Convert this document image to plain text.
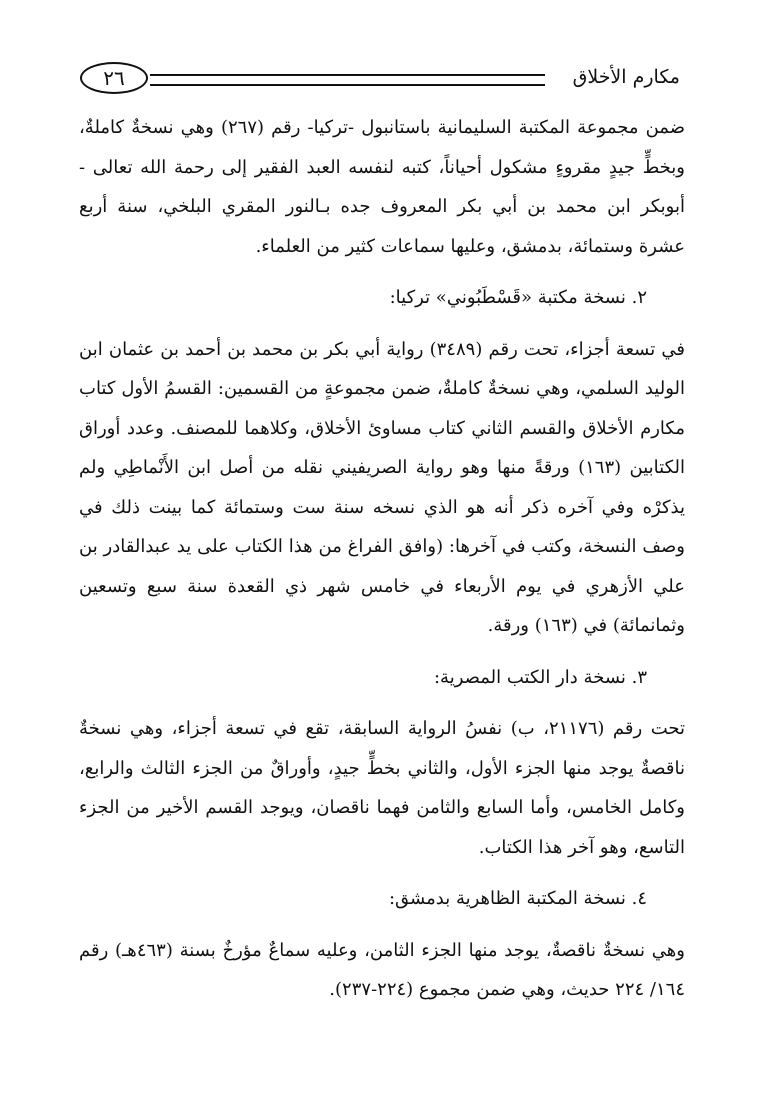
٢٦	مكارم الأخلاق

ضمن مجموعة المكتبة السليمانية باستانبول -تركيا- رقم (٢٦٧) وهي نسخةٌ كاملةٌ، وبخطٍّ جيدٍ مقروءٍ مشكول أحياناً، كتبه لنفسه العبد الفقير إلى رحمة الله تعالى - أبوبكر ابن محمد بن أبي بكر المعروف جده بـالنور المقري البلخي، سنة أربع عشرة وستمائة، بدمشق، وعليها سماعات كثير من العلماء.

٢. نسخة مكتبة «قَسْطَبُوني» تركيا:

في تسعة أجزاء، تحت رقم (٣٤٨٩) رواية أبي بكر بن محمد بن أحمد بن عثمان ابن الوليد السلمي، وهي نسخةٌ كاملةٌ، ضمن مجموعةٍ من القسمين: القسمُ الأول كتاب مكارم الأخلاق والقسم الثاني كتاب مساوئ الأخلاق، وكلاهما للمصنف. وعدد أوراق الكتابين (١٦٣) ورقةً منها وهو رواية الصريفيني نقله من أصل ابن الأَنْماطِي ولم يذكرْه وفي آخره ذكر أنه هو الذي نسخه سنة ست وستمائة كما بينت ذلك في وصف النسخة، وكتب في آخرها: (وافق الفراغ من هذا الكتاب على يد عبدالقادر بن علي الأزهري في يوم الأربعاء في خامس شهر ذي القعدة سنة سبع وتسعين وثمانمائة) في (١٦٣) ورقة.

٣. نسخة دار الكتب المصرية:

تحت رقم (٢١١٧٦، ب) نفسُ الرواية السابقة، تقع في تسعة أجزاء، وهي نسخةٌ ناقصةٌ يوجد منها الجزء الأول، والثاني بخطٍّ جيدٍ، وأوراقٌ من الجزء الثالث والرابع، وكامل الخامس، وأما السابع والثامن فهما ناقصان، ويوجد القسم الأخير من الجزء التاسع، وهو آخر هذا الكتاب.

٤. نسخة المكتبة الظاهرية بدمشق:

وهي نسخةٌ ناقصةٌ، يوجد منها الجزء الثامن، وعليه سماعٌ مؤرخٌ بسنة (٤٦٣هـ) رقم ١٦٤/ ٢٢٤ حديث، وهي ضمن مجموع (٢٢٤-٢٣٧).
